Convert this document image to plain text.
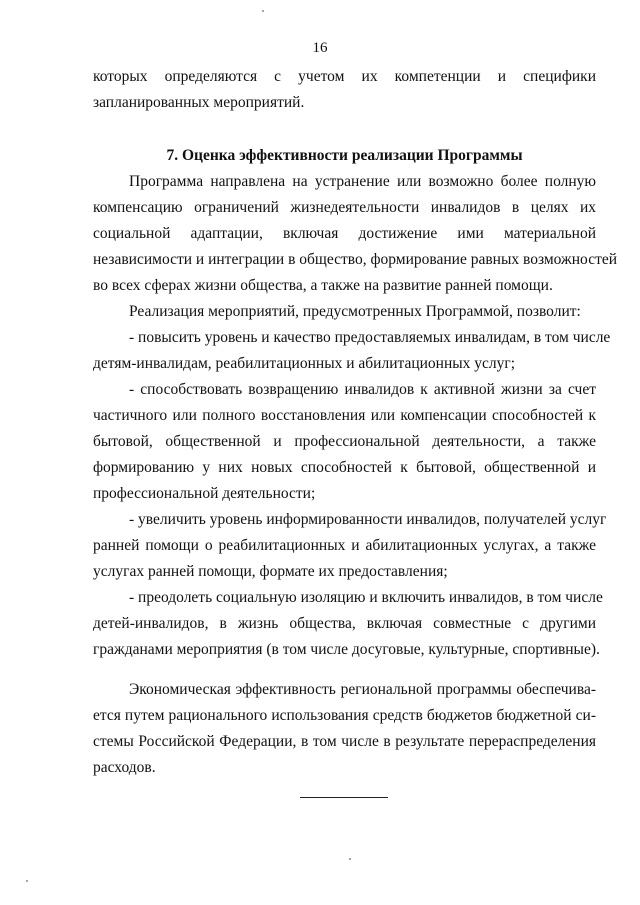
16
которых определяются с учетом их компетенции и специфики
запланированных мероприятий.
7. Оценка эффективности реализации Программы
Программа направлена на устранение или возможно более полную
компенсацию ограничений жизнедеятельности инвалидов в целях их
социальной адаптации, включая достижение ими материальной
независимости и интеграции в общество, формирование равных возможностей
во всех сферах жизни общества, а также на развитие ранней помощи.
Реализация мероприятий, предусмотренных Программой, позволит:
- повысить уровень и качество предоставляемых инвалидам, в том числе
детям-инвалидам, реабилитационных и абилитационных услуг;
- способствовать возвращению инвалидов к активной жизни за счет
частичного или полного восстановления или компенсации способностей к
бытовой, общественной и профессиональной деятельности, а также
формированию у них новых способностей к бытовой, общественной и
профессиональной деятельности;
- увеличить уровень информированности инвалидов, получателей услуг
ранней помощи о реабилитационных и абилитационных услугах, а также
услугах ранней помощи, формате их предоставления;
- преодолеть социальную изоляцию и включить инвалидов, в том числе
детей-инвалидов, в жизнь общества, включая совместные с другими
гражданами мероприятия (в том числе досуговые, культурные, спортивные).
Экономическая эффективность региональной программы обеспечива-
ется путем рационального использования средств бюджетов бюджетной си-
стемы Российской Федерации, в том числе в результате перераспределения
расходов.
